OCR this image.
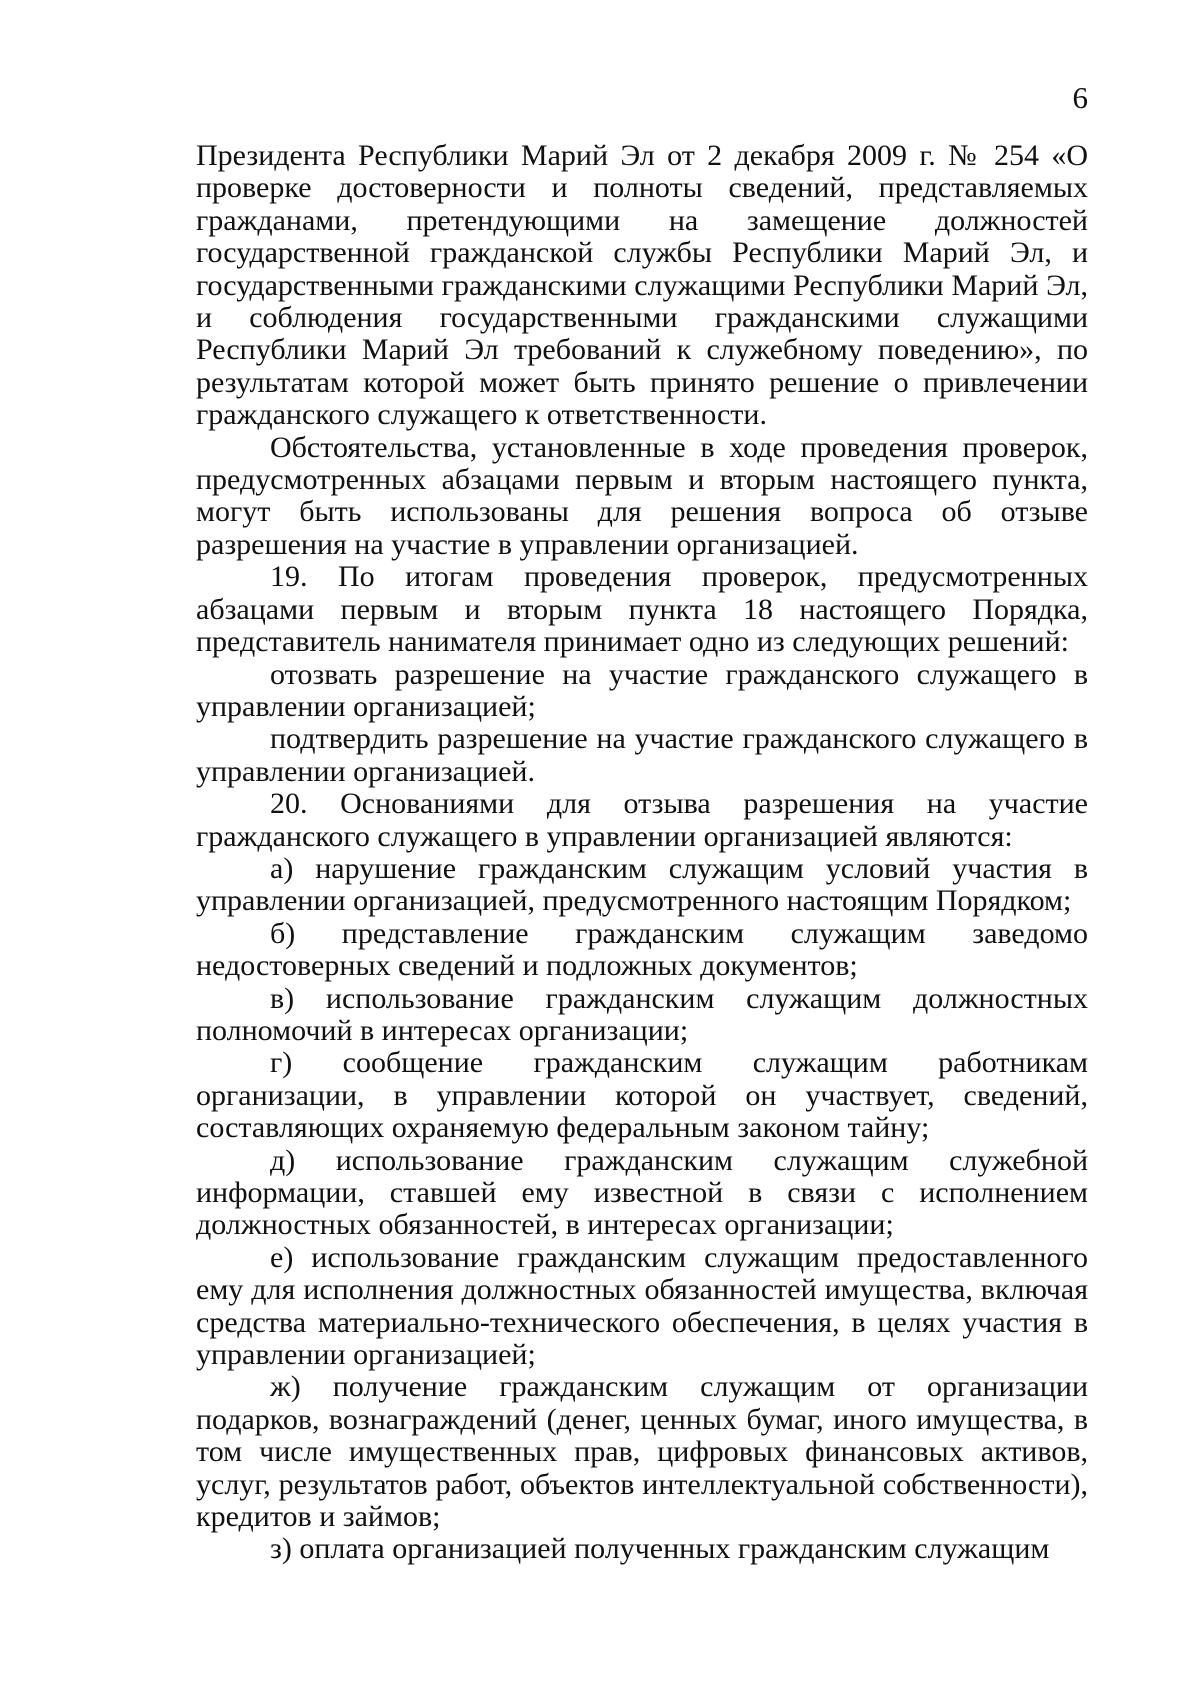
6

Президента Республики Марий Эл от 2 декабря 2009 г. № 254 «О проверке достоверности и полноты сведений, представляемых гражданами, претендующими на замещение должностей государственной гражданской службы Республики Марий Эл, и государственными гражданскими служащими Республики Марий Эл, и соблюдения государственными гражданскими служащими Республики Марий Эл требований к служебному поведению», по результатам которой может быть принято решение о привлечении гражданского служащего к ответственности.

Обстоятельства, установленные в ходе проведения проверок, предусмотренных абзацами первым и вторым настоящего пункта, могут быть использованы для решения вопроса об отзыве разрешения на участие в управлении организацией.

19. По итогам проведения проверок, предусмотренных абзацами первым и вторым пункта 18 настоящего Порядка, представитель нанимателя принимает одно из следующих решений:

отозвать разрешение на участие гражданского служащего в управлении организацией;

подтвердить разрешение на участие гражданского служащего в управлении организацией.

20. Основаниями для отзыва разрешения на участие гражданского служащего в управлении организацией являются:

а) нарушение гражданским служащим условий участия в управлении организацией, предусмотренного настоящим Порядком;

б) представление гражданским служащим заведомо недостоверных сведений и подложных документов;

в) использование гражданским служащим должностных полномочий в интересах организации;

г) сообщение гражданским служащим работникам организации, в управлении которой он участвует, сведений, составляющих охраняемую федеральным законом тайну;

д) использование гражданским служащим служебной информации, ставшей ему известной в связи с исполнением должностных обязанностей, в интересах организации;

е) использование гражданским служащим предоставленного ему для исполнения должностных обязанностей имущества, включая средства материально-технического обеспечения, в целях участия в управлении организацией;

ж) получение гражданским служащим от организации подарков, вознаграждений (денег, ценных бумаг, иного имущества, в том числе имущественных прав, цифровых финансовых активов, услуг, результатов работ, объектов интеллектуальной собственности), кредитов и займов;

з) оплата организацией полученных гражданским служащим
